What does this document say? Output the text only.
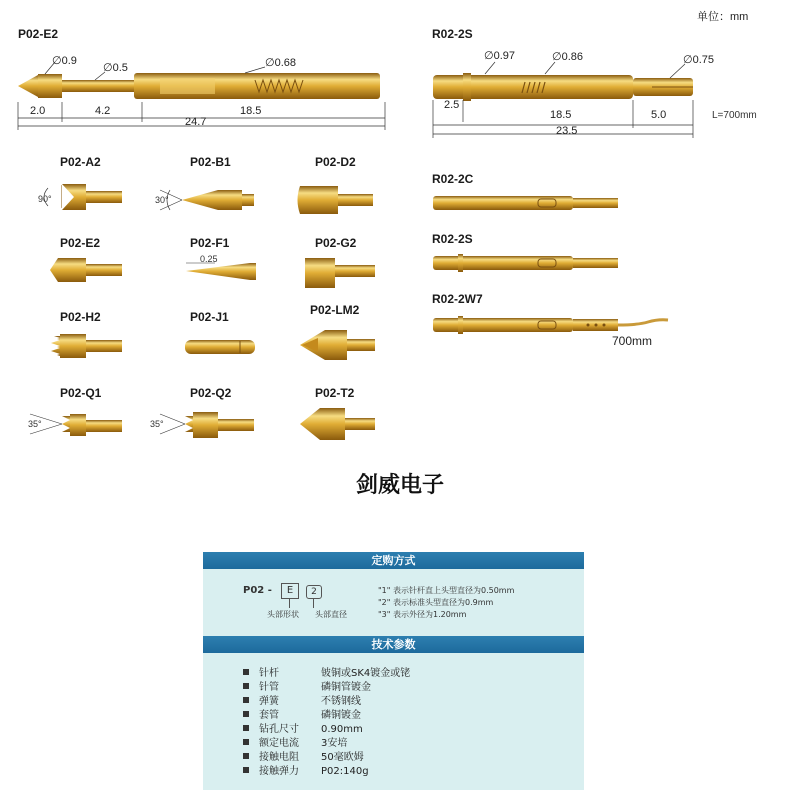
单位：mm
P02-E2
∅0.9
∅0.5	∅0.68
2.0	4.2	18.5
24.7
R02-2S
∅0.97	∅0.86	∅0.75
2.5
18.5	5.0
23.5
L=700mm
P02-A2
90°
P02-B1
30°
P02-D2
P02-E2	P02-F1
0.25
P02-G2
P02-H2	P02-J1	P02-LM2
P02-Q1
35°
P02-Q2
35°
P02-T2
R02-2C
R02-2S
R02-2W7
700mm
剑威电子
定购方式
P02 -	E	2
头部形状 头部直径
"1" 表示针杆直上头型直径为0.50mm
"2" 表示标准头型直径为0.9mm
"3" 表示外径为1.20mm
技术参数
针杆	铍铜或SK4镀金或铑
针管	磷铜管镀金
弹簧	不锈钢线
套管	磷铜镀金
钻孔尺寸 0.90mm
额定电流 3安培
接触电阻 50毫欧姆
接触弹力 P02:140g
